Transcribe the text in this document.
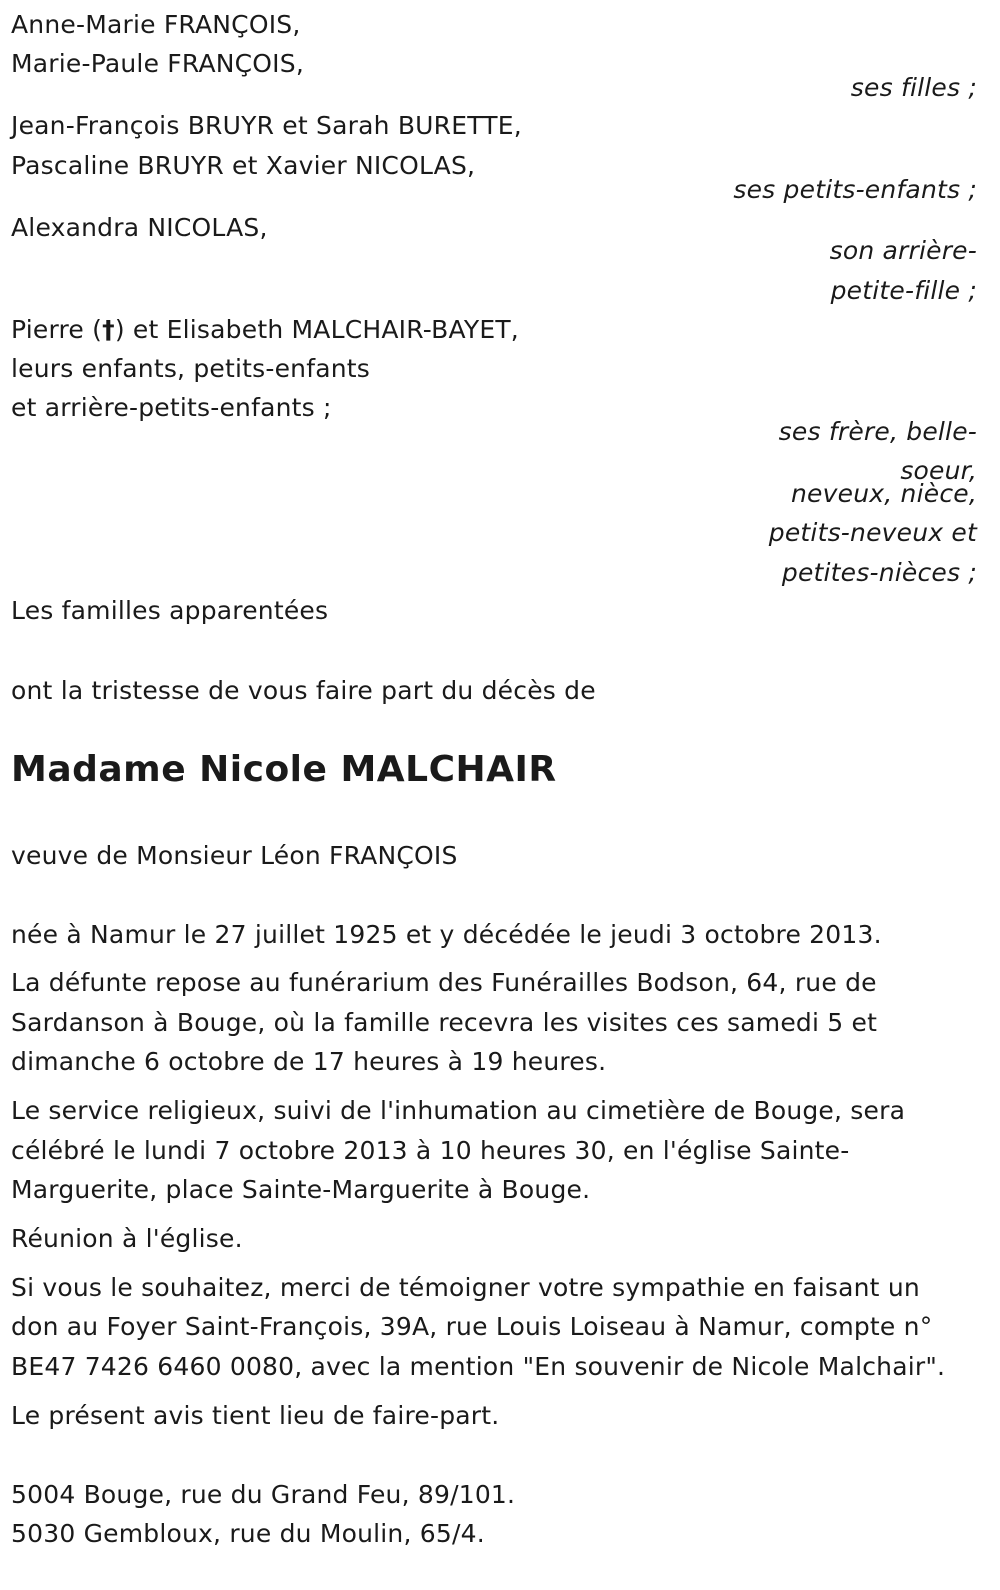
Anne-Marie FRANÇOIS,
Marie-Paule FRANÇOIS,
ses filles ;
Jean-François BRUYR et Sarah BURETTE,
Pascaline BRUYR et Xavier NICOLAS,
ses petits-enfants ;
Alexandra NICOLAS,
son arrière-
petite-fille ;
Pierre (†) et Elisabeth MALCHAIR-BAYET,
leurs enfants, petits-enfants
et arrière-petits-enfants ;
ses frère, belle-
soeur,
neveux, nièce,
petits-neveux et
petites-nièces ;
Les familles apparentées
ont la tristesse de vous faire part du décès de
Madame Nicole MALCHAIR
veuve de Monsieur Léon FRANÇOIS
née à Namur le 27 juillet 1925 et y décédée le jeudi 3 octobre 2013.
La défunte repose au funérarium des Funérailles Bodson, 64, rue de
Sardanson à Bouge, où la famille recevra les visites ces samedi 5 et
dimanche 6 octobre de 17 heures à 19 heures.
Le service religieux, suivi de l'inhumation au cimetière de Bouge, sera
célébré le lundi 7 octobre 2013 à 10 heures 30, en l'église Sainte-
Marguerite, place Sainte-Marguerite à Bouge.
Réunion à l'église.
Si vous le souhaitez, merci de témoigner votre sympathie en faisant un
don au Foyer Saint-François, 39A, rue Louis Loiseau à Namur, compte n°
BE47 7426 6460 0080, avec la mention "En souvenir de Nicole Malchair".
Le présent avis tient lieu de faire-part.
5004 Bouge, rue du Grand Feu, 89/101.
5030 Gembloux, rue du Moulin, 65/4.
